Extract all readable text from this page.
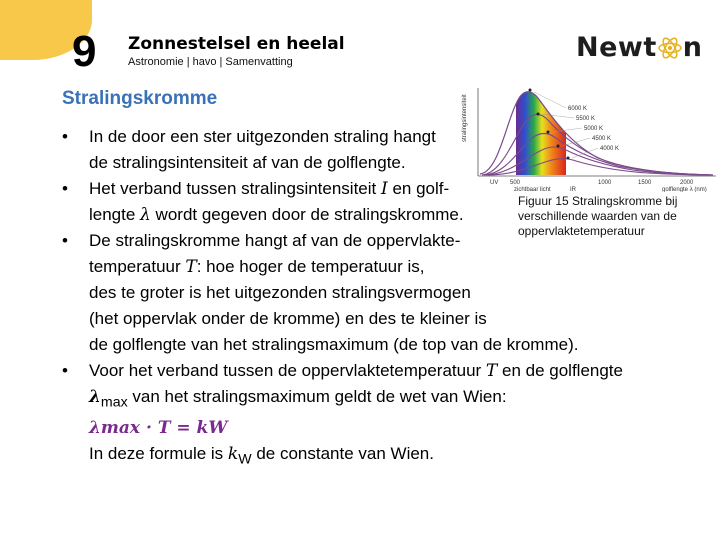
9 Zonnestelsel en heelal
Astronomie | havo | Samenvatting	Newt n
Stralingskromme	stralingsintensiteit	6000 K
5500 K
5000 K
4500 K
4000 K
UV 500
zichtbaar licht	IR
1000	1500	2000
golflengte λ (nm)
Figuur 15 Stralingskromme bij verschillende waarden van de oppervlaktetemperatuur
• In de door een ster uitgezonden straling hangt
de stralingsintensiteit af van de golflengte.
• Het verband tussen stralingsintensiteit I en golf-
lengte λ wordt gegeven door de stralingskromme.
• De stralingskromme hangt af van de oppervlakte-
temperatuur T: hoe hoger de temperatuur is,
des te groter is het uitgezonden stralingsvermogen
(het oppervlak onder de kromme) en des te kleiner is
de golflengte van het stralingsmaximum (de top van de kromme).
• Voor het verband tussen de oppervlaktetemperatuur T en de golflengte
$\lambda_{max}$ van het stralingsmaximum geldt de wet van Wien:
λmax · T = kW
In deze formule is $k_W$ de constante van Wien.
